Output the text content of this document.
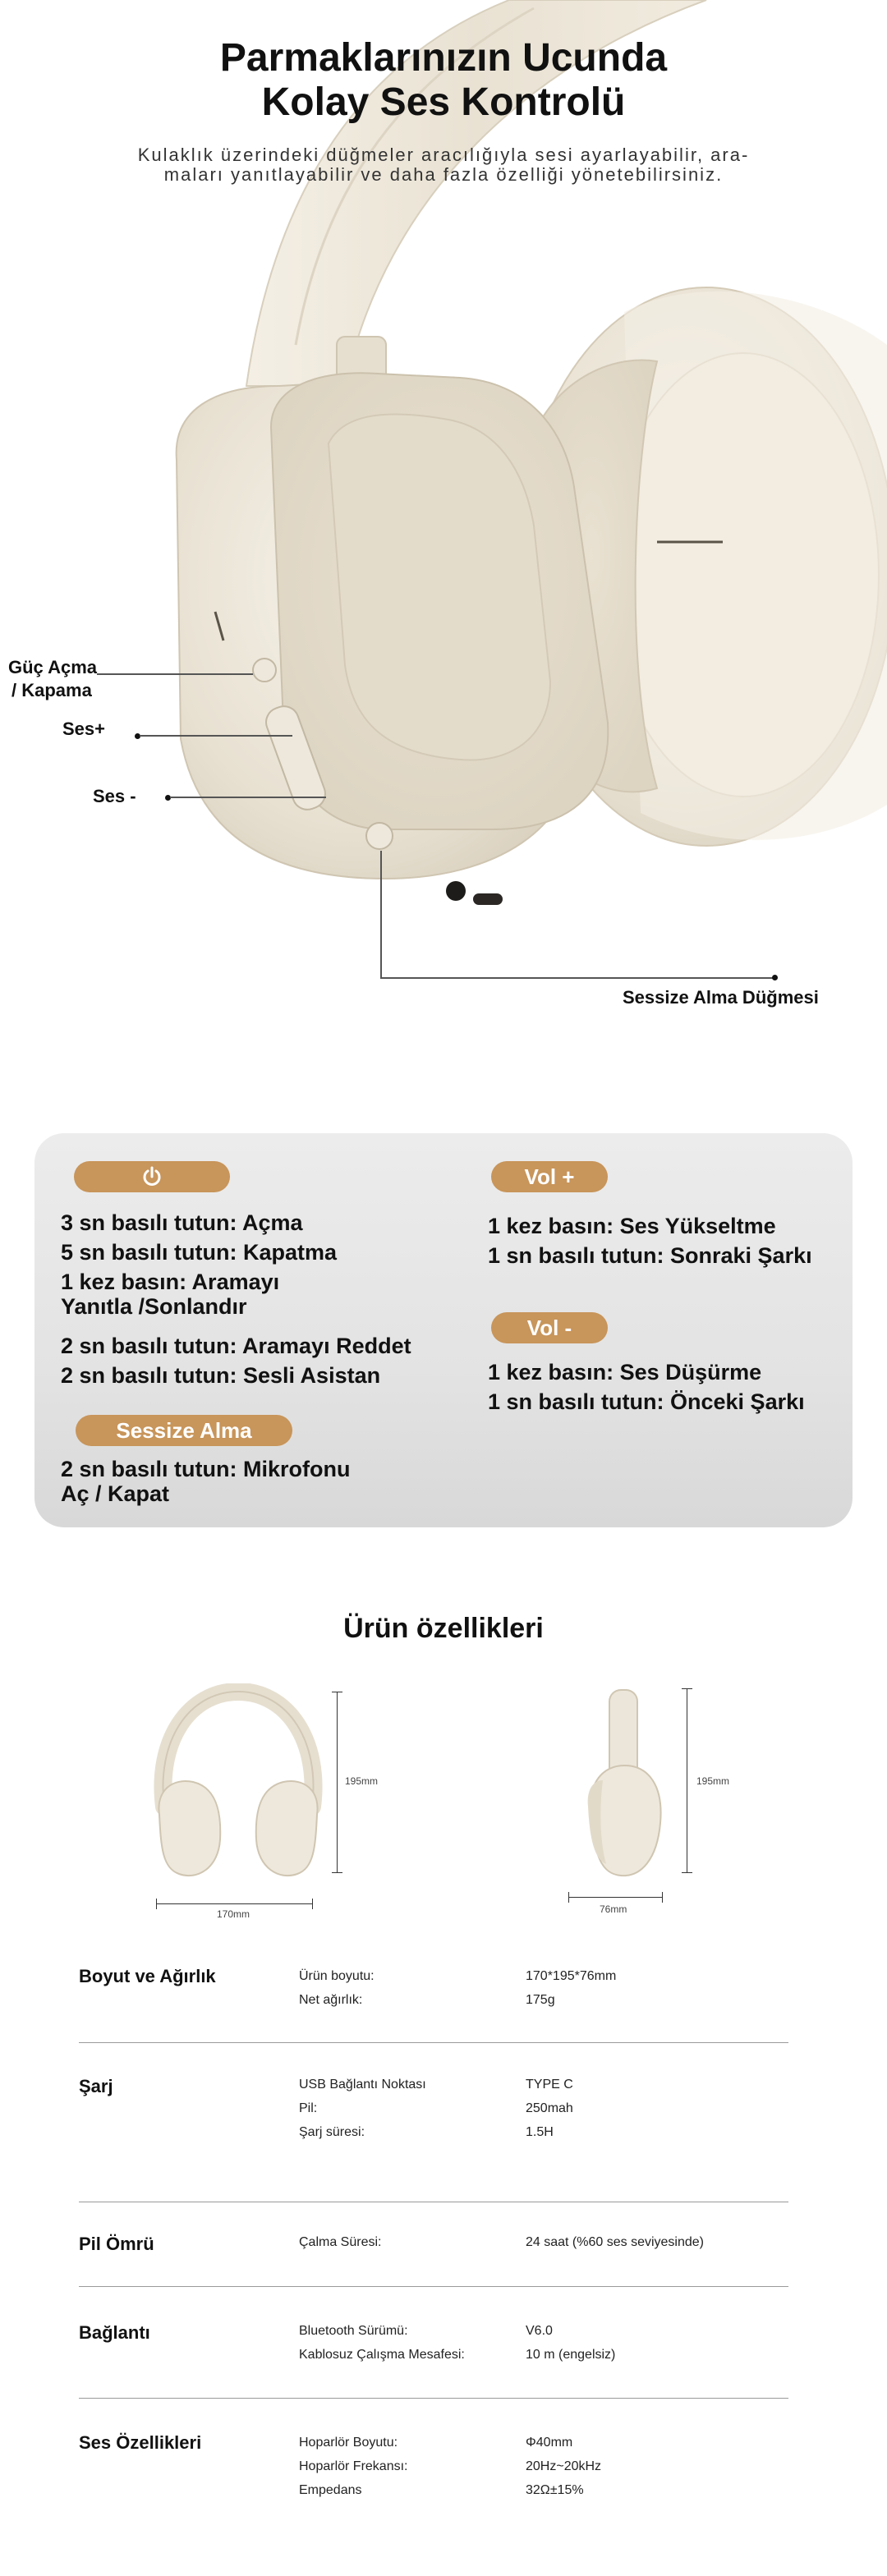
Parmaklarınızın Ucunda
Kolay Ses Kontrolü
Kulaklık üzerindeki düğmeler aracılığıyla sesi ayarlayabilir, ara-
maları yanıtlayabilir ve daha fazla özelliği yönetebilirsiniz.
Güç Açma
/ Kapama
Ses+
Ses -
Sessize Alma Düğmesi
3 sn basılı tutun: Açma
5 sn basılı tutun: Kapatma
1 kez basın: Aramayı
Yanıtla /Sonlandır
2 sn basılı tutun: Aramayı Reddet
2 sn basılı tutun: Sesli Asistan
Sessize Alma
2 sn basılı tutun: Mikrofonu
Aç / Kapat
Vol +
1 kez basın: Ses Yükseltme
1 sn basılı tutun: Sonraki Şarkı
Vol -
1 kez basın: Ses Düşürme
1 sn basılı tutun: Önceki Şarkı
Ürün özellikleri
195mm
170mm
195mm
76mm
Boyut ve Ağırlık	Ürün boyutu:	170*195*76mm
Net ağırlık:	175g
Şarj	USB Bağlantı Noktası	TYPE C
Pil:	250mah
Şarj süresi:	1.5H
Pil Ömrü	Çalma Süresi:	24 saat (%60 ses seviyesinde)
Bağlantı	Bluetooth Sürümü:	V6.0
Kablosuz Çalışma Mesafesi:	10 m (engelsiz)
Ses Özellikleri	Hoparlör Boyutu:	Φ40mm
Hoparlör Frekansı:	20Hz~20kHz
Empedans	32Ω±15%
